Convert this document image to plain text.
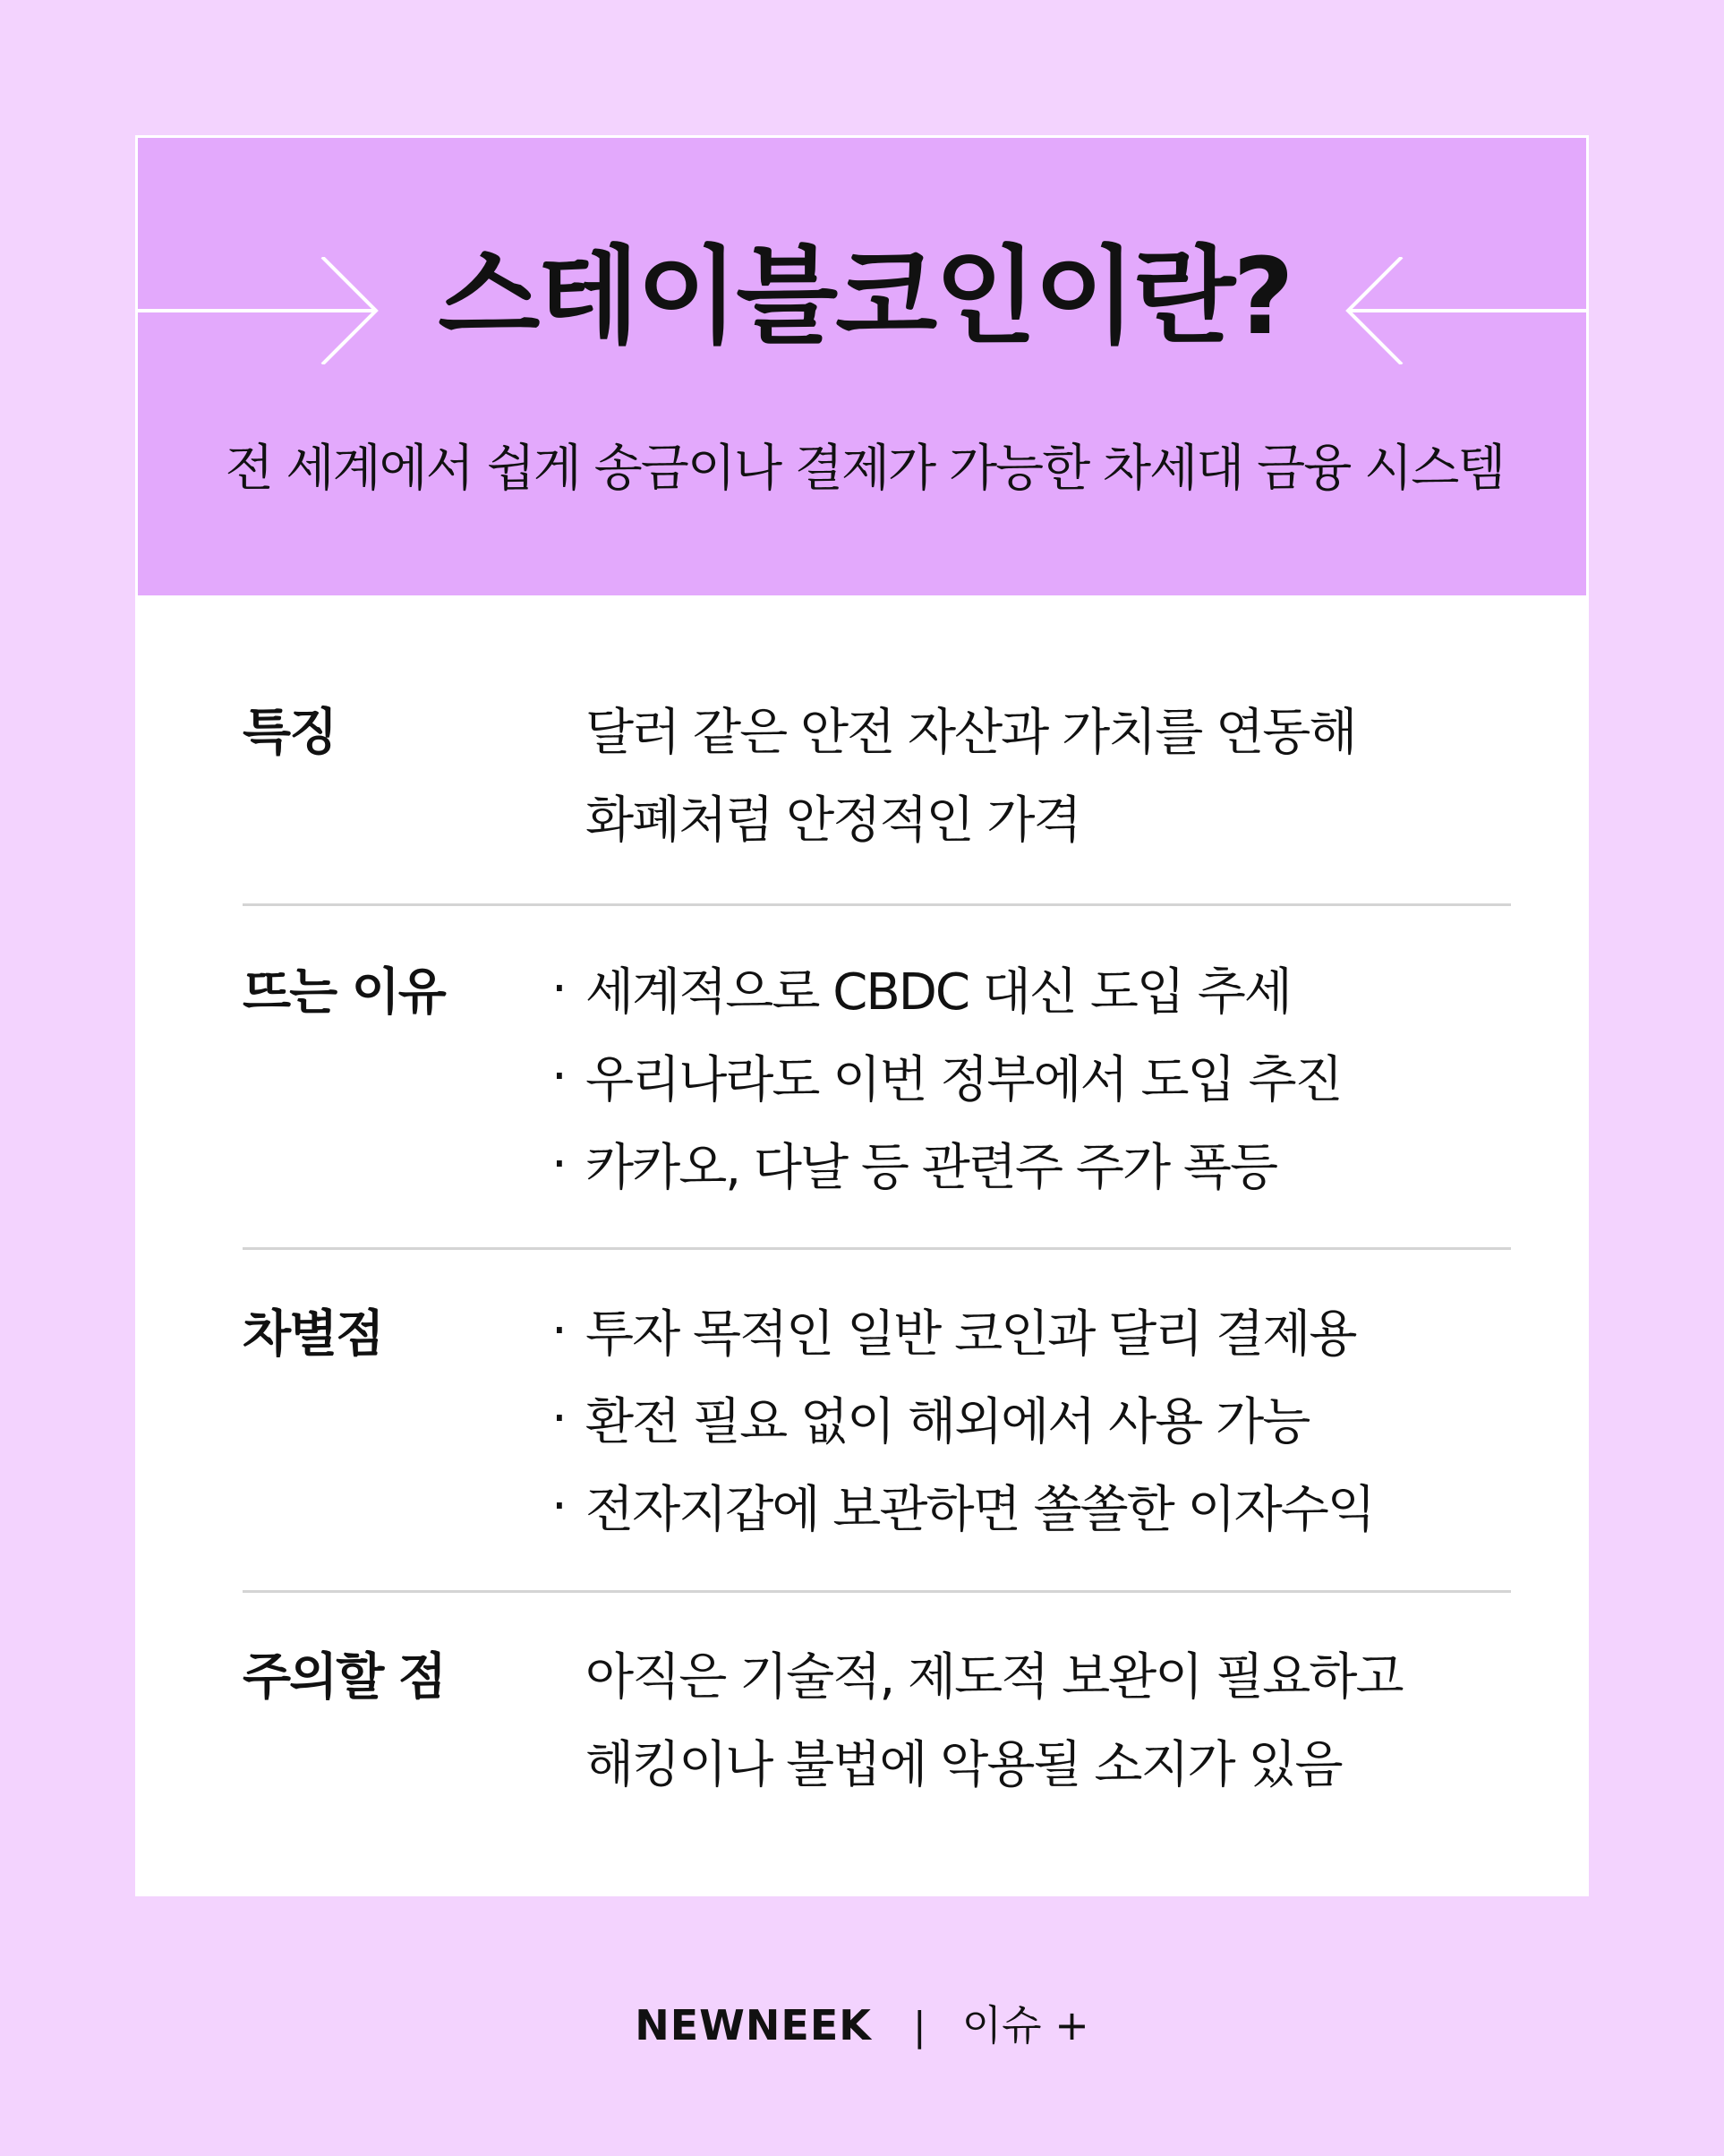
스테이블코인이란?
전 세계에서 쉽게 송금이나 결제가 가능한 차세대 금융 시스템
특징	달러 같은 안전 자산과 가치를 연동해
화폐처럼 안정적인 가격
뜨는 이유 · 세계적으로 CBDC 대신 도입 추세
· 우리나라도 이번 정부에서 도입 추진
· 카카오, 다날 등 관련주 주가 폭등
차별점	· 투자 목적인 일반 코인과 달리 결제용
· 환전 필요 없이 해외에서 사용 가능
· 전자지갑에 보관하면 쏠쏠한 이자수익
주의할 점	아직은 기술적, 제도적 보완이 필요하고
해킹이나 불법에 악용될 소지가 있음
NEWNEEK | 이슈 +
